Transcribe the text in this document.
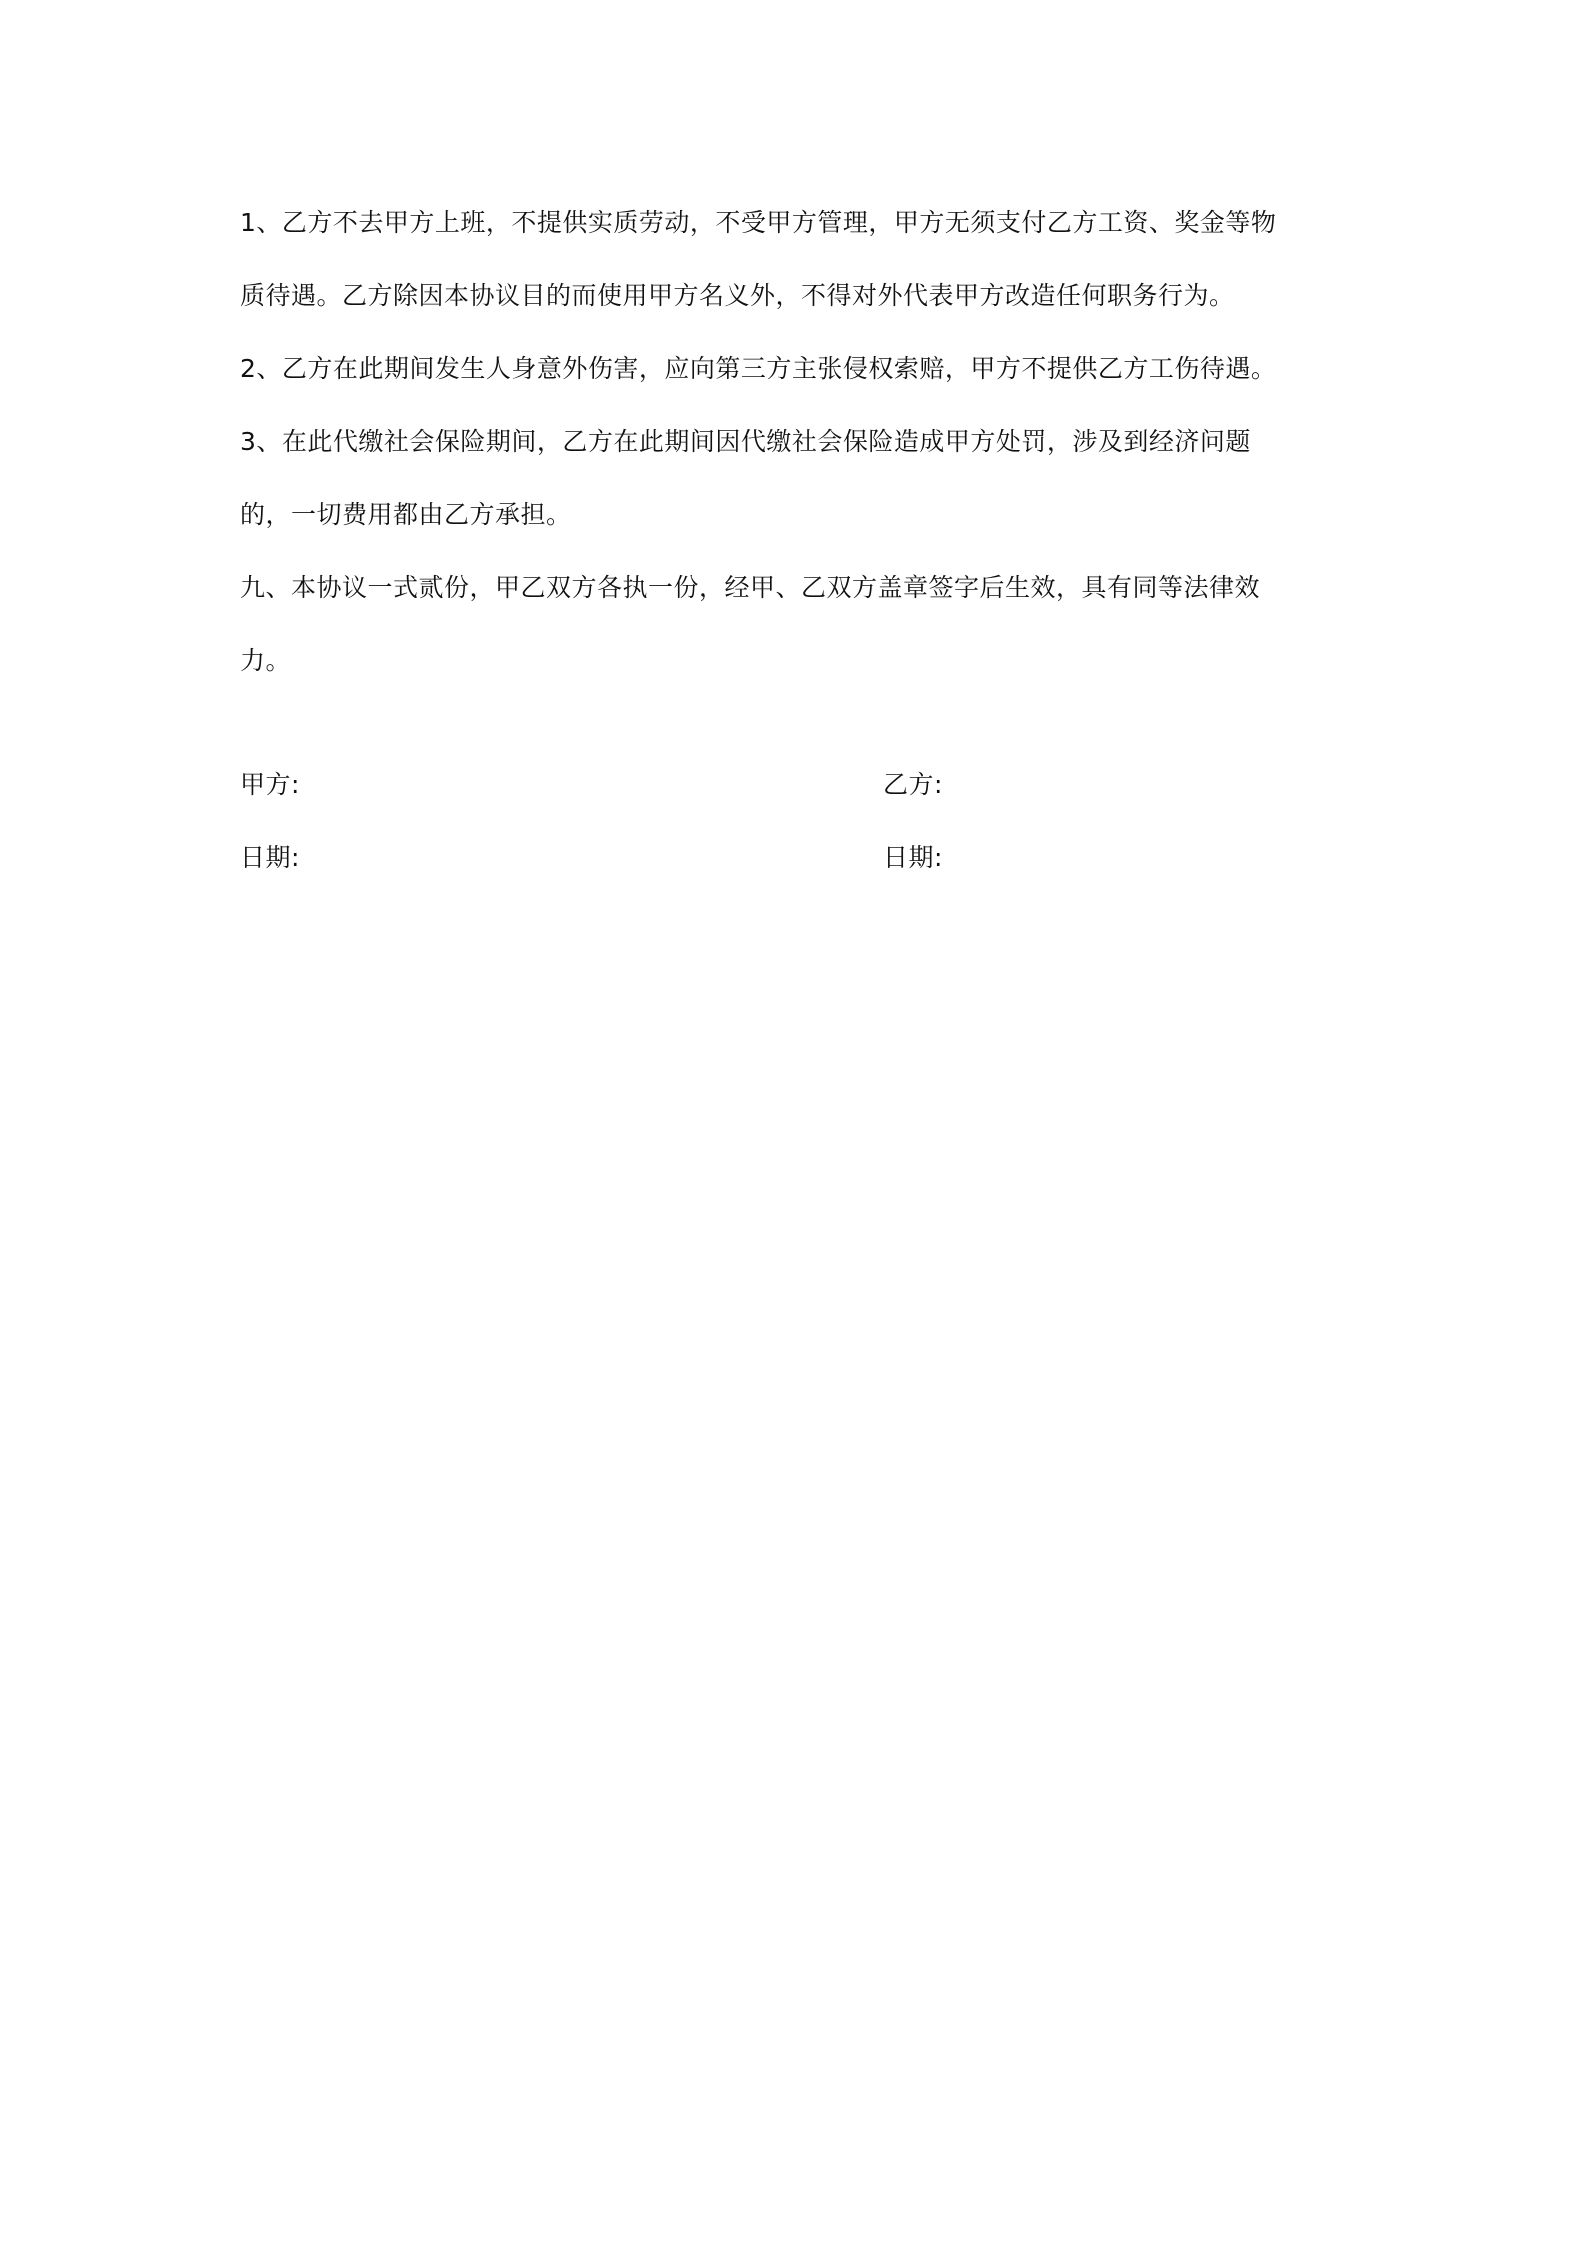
1、乙方不去甲方上班，不提供实质劳动，不受甲方管理，甲方无须支付乙方工资、奖金等物

质待遇。乙方除因本协议目的而使用甲方名义外，不得对外代表甲方改造任何职务行为。

2、乙方在此期间发生人身意外伤害，应向第三方主张侵权索赔，甲方不提供乙方工伤待遇。

3、在此代缴社会保险期间，乙方在此期间因代缴社会保险造成甲方处罚，涉及到经济问题

的，一切费用都由乙方承担。

九、本协议一式贰份，甲乙双方各执一份，经甲、乙双方盖章签字后生效，具有同等法律效

力。

甲方:

日期:

乙方:

日期:
